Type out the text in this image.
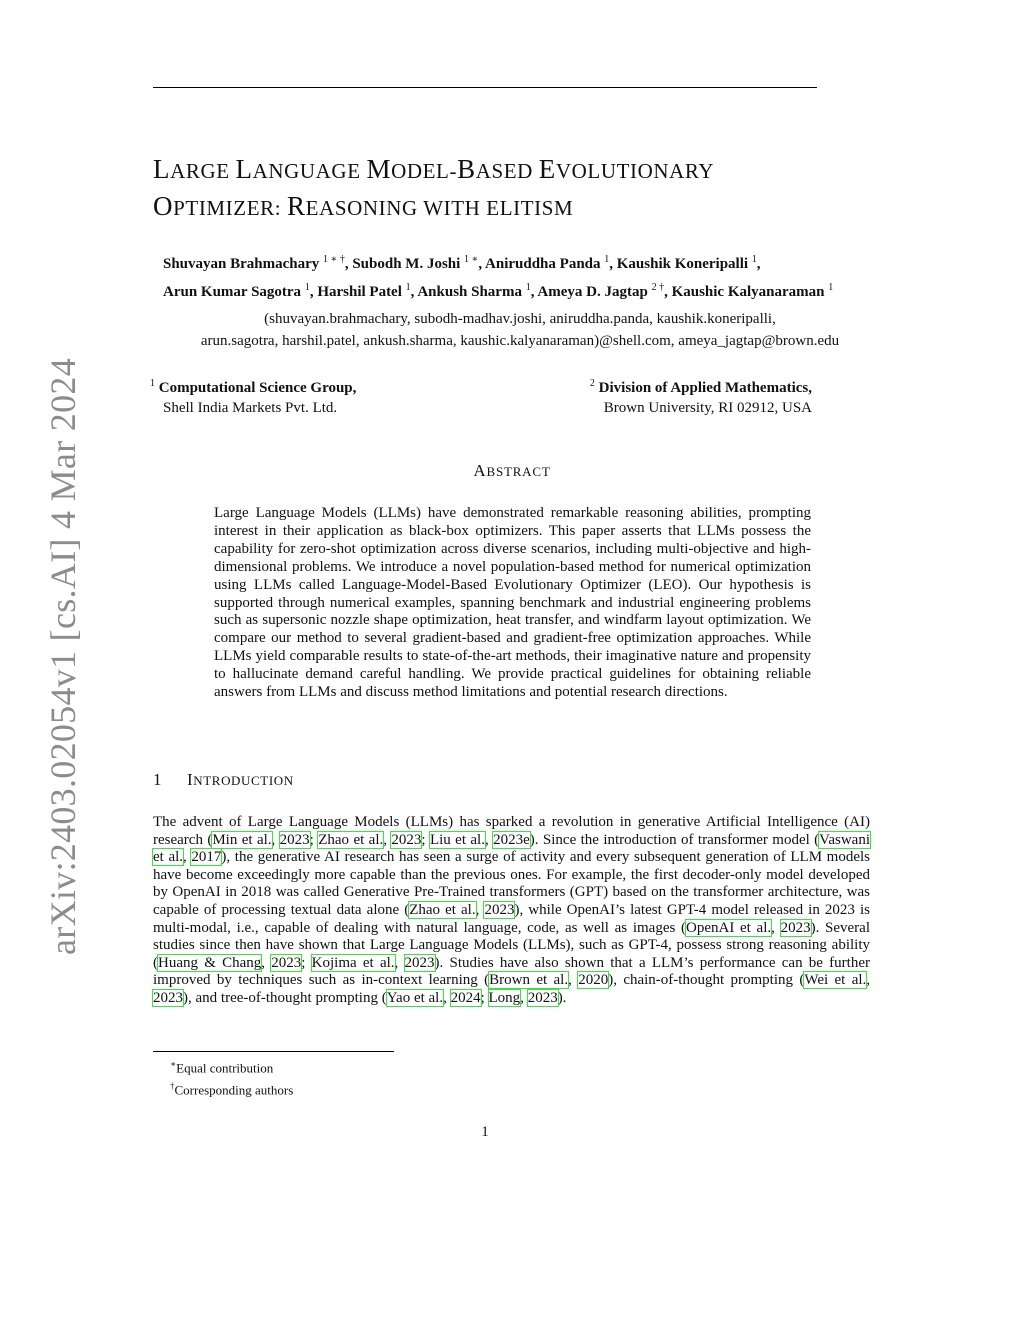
arXiv:2403.02054v1 [cs.AI] 4 Mar 2024
LARGE LANGUAGE MODEL-BASED EVOLUTIONARY
OPTIMIZER: REASONING WITH ELITISM
Shuvayan Brahmachary $^{1 ∗ \dagger}$, Subodh M. Joshi $^{1 ∗}$, Aniruddha Panda $^1$, Kaushik Koneripalli $^1$,
Arun Kumar Sagotra $^1$, Harshil Patel $^1$, Ankush Sharma $^1$, Ameya D. Jagtap $^{2 \dagger}$, Kaushic Kalyanaraman $^1$
(shuvayan.brahmachary, subodh-madhav.joshi, aniruddha.panda, kaushik.koneripalli,
arun.sagotra, harshil.patel, ankush.sharma, kaushic.kalyanaraman)@shell.com, ameya_jagtap@brown.edu
$^1$ Computational Science Group,
Shell India Markets Pvt. Ltd.
$^2$ Division of Applied Mathematics,
Brown University, RI 02912, USA
ABSTRACT
Large Language Models (LLMs) have demonstrated remarkable reasoning abilities, prompting interest in their application as black-box optimizers. This paper asserts that LLMs possess the capability for zero-shot optimization across diverse scenarios, including multi-objective and high-dimensional problems. We introduce a novel population-based method for numerical optimization using LLMs called Language-Model-Based Evolutionary Optimizer (LEO). Our hypothesis is supported through numerical examples, spanning benchmark and industrial engineering problems such as supersonic nozzle shape optimization, heat transfer, and windfarm layout optimization. We compare our method to several gradient-based and gradient-free optimization approaches. While LLMs yield comparable results to state-of-the-art methods, their imaginative nature and propensity to hallucinate demand careful handling. We provide practical guidelines for obtaining reliable answers from LLMs and discuss method limitations and potential research directions.
1 INTRODUCTION
The advent of Large Language Models (LLMs) has sparked a revolution in generative Artificial Intelligence (AI) research (Min et al., 2023; Zhao et al., 2023; Liu et al., 2023e). Since the introduction of transformer model (Vaswani et al., 2017), the generative AI research has seen a surge of activity and every subsequent generation of LLM models have become exceedingly more capable than the previous ones. For example, the first decoder-only model developed by OpenAI in 2018 was called Generative Pre-Trained transformers (GPT) based on the transformer architecture, was capable of processing textual data alone (Zhao et al., 2023), while OpenAI’s latest GPT-4 model released in 2023 is multi-modal, i.e., capable of dealing with natural language, code, as well as images (OpenAI et al., 2023). Several studies since then have shown that Large Language Models (LLMs), such as GPT-4, possess strong reasoning ability (Huang & Chang, 2023; Kojima et al., 2023). Studies have also shown that a LLM’s performance can be further improved by techniques such as in-context learning (Brown et al., 2020), chain-of-thought prompting (Wei et al., 2023), and tree-of-thought prompting (Yao et al., 2024; Long, 2023).
∗Equal contribution
†Corresponding authors
1
